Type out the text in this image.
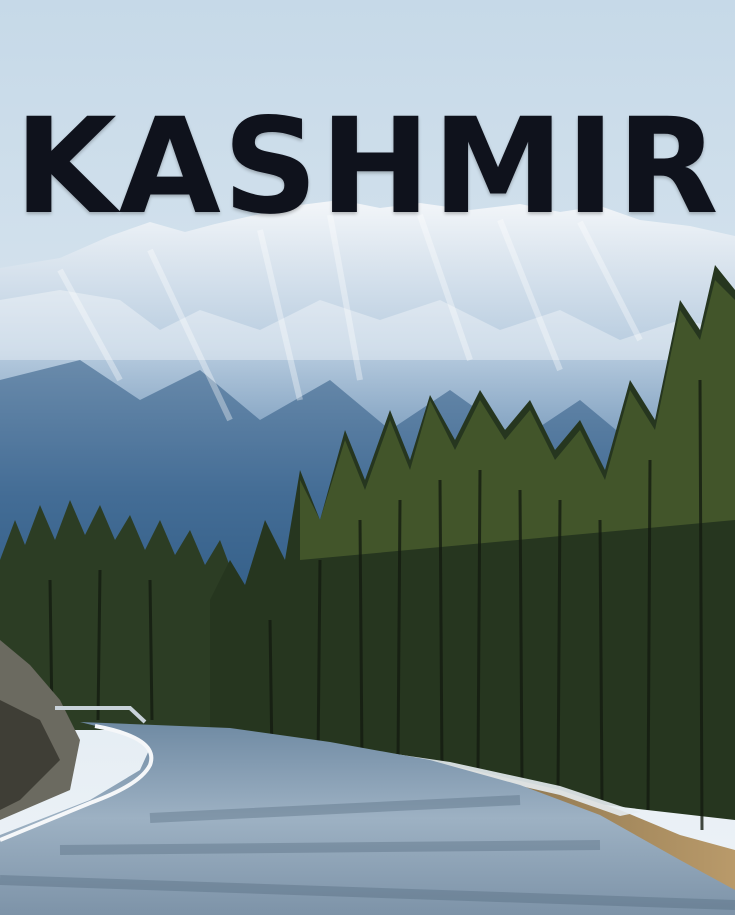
KASHMIR
